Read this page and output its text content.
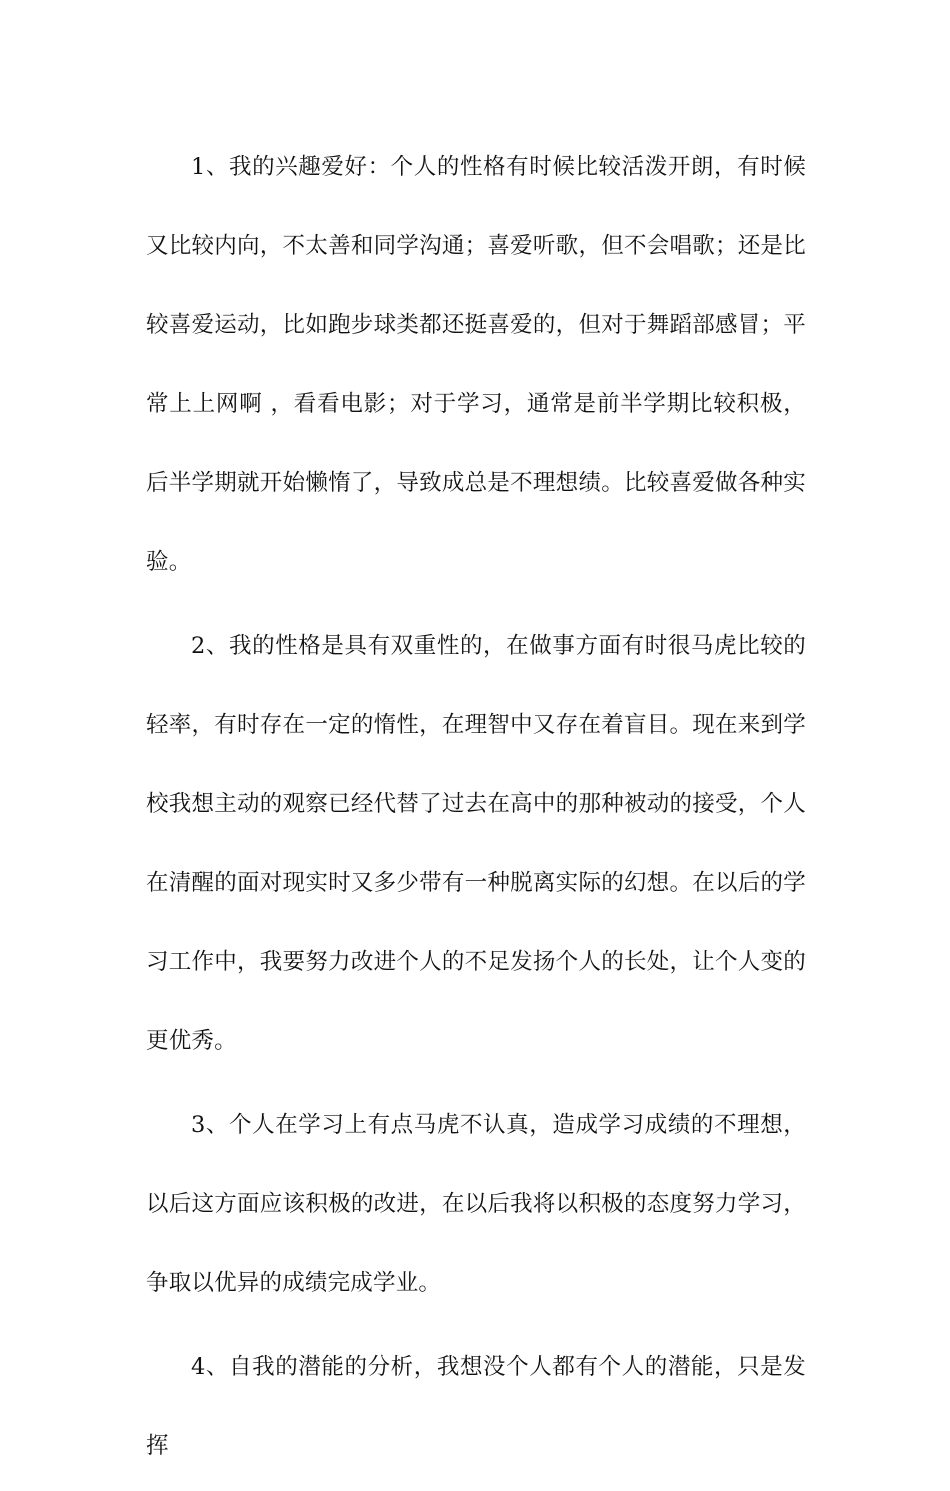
1、我的兴趣爱好：个人的性格有时候比较活泼开朗，有时候又比较内向，不太善和同学沟通；喜爱听歌，但不会唱歌；还是比较喜爱运动，比如跑步球类都还挺喜爱的，但对于舞蹈部感冒；平常上上网啊 ，看看电影；对于学习，通常是前半学期比较积极，后半学期就开始懒惰了，导致成总是不理想绩。比较喜爱做各种实验。

2、我的性格是具有双重性的，在做事方面有时很马虎比较的轻率，有时存在一定的惰性，在理智中又存在着盲目。现在来到学校我想主动的观察已经代替了过去在高中的那种被动的接受，个人在清醒的面对现实时又多少带有一种脱离实际的幻想。在以后的学习工作中，我要努力改进个人的不足发扬个人的长处，让个人变的更优秀。

3、个人在学习上有点马虎不认真，造成学习成绩的不理想，以后这方面应该积极的改进，在以后我将以积极的态度努力学习，争取以优异的成绩完成学业。

4、自我的潜能的分析，我想没个人都有个人的潜能，只是发挥
